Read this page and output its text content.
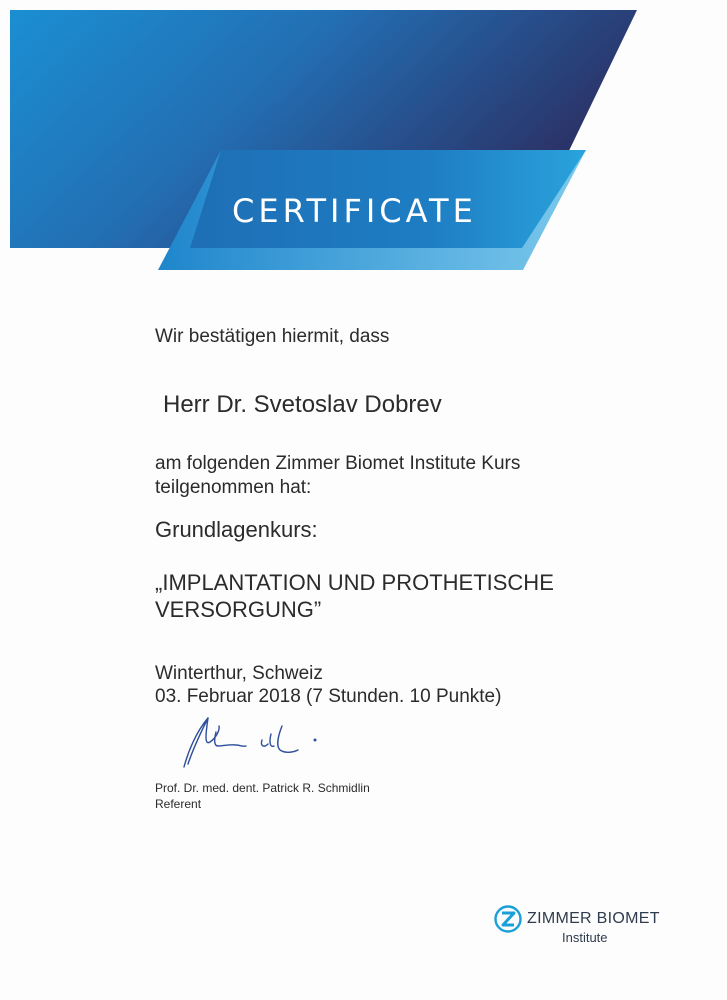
CERTIFICATE
Wir bestätigen hiermit, dass
Herr Dr. Svetoslav Dobrev
am folgenden Zimmer Biomet Institute Kurs
teilgenommen hat:
Grundlagenkurs:
„IMPLANTATION UND PROTHETISCHE
VERSORGUNG”
Winterthur, Schweiz
03. Februar 2018 (7 Stunden. 10 Punkte)
Prof. Dr. med. dent. Patrick R. Schmidlin
Referent
ZIMMER BIOMET
Institute
